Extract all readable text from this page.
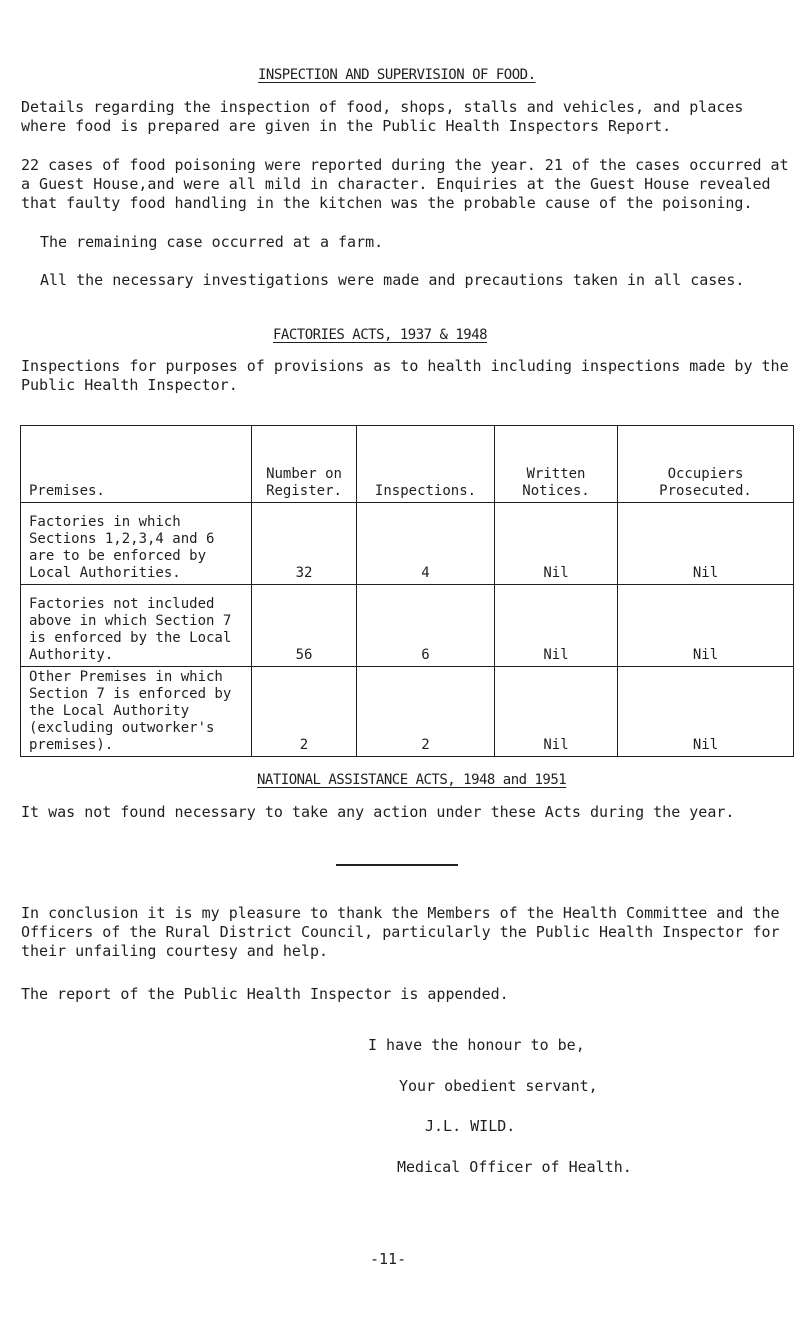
INSPECTION AND SUPERVISION OF FOOD.

Details regarding the inspection of food, shops, stalls and vehicles, and places where food is prepared are given in the Public Health Inspectors Report.

22 cases of food poisoning were reported during the year. 21 of the cases occurred at a Guest House,and were all mild in character. Enquiries at the Guest House revealed that faulty food handling in the kitchen was the probable cause of the poisoning.

The remaining case occurred at a farm.

All the necessary investigations were made and precautions taken in all cases.

FACTORIES ACTS, 1937 & 1948

Inspections for purposes of provisions as to health including inspections made by the Public Health Inspector.

Premises.	Number on Register.	Inspections.	Written Notices.	Occupiers Prosecuted.
Factories in which Sections 1,2,3,4 and 6 are to be enforced by Local Authorities.	32	4	Nil	Nil
Factories not included above in which Section 7 is enforced by the Local Authority.	56	6	Nil	Nil
Other Premises in which Section 7 is enforced by the Local Authority (excluding outworker's premises).	2	2	Nil	Nil
NATIONAL ASSISTANCE ACTS, 1948 and 1951

It was not found necessary to take any action under these Acts during the year.

In conclusion it is my pleasure to thank the Members of the Health Committee and the Officers of the Rural District Council, particularly the Public Health Inspector for their unfailing courtesy and help.

The report of the Public Health Inspector is appended.

I have the honour to be,
Your obedient servant,
J.L. WILD.
Medical Officer of Health.
-11-
